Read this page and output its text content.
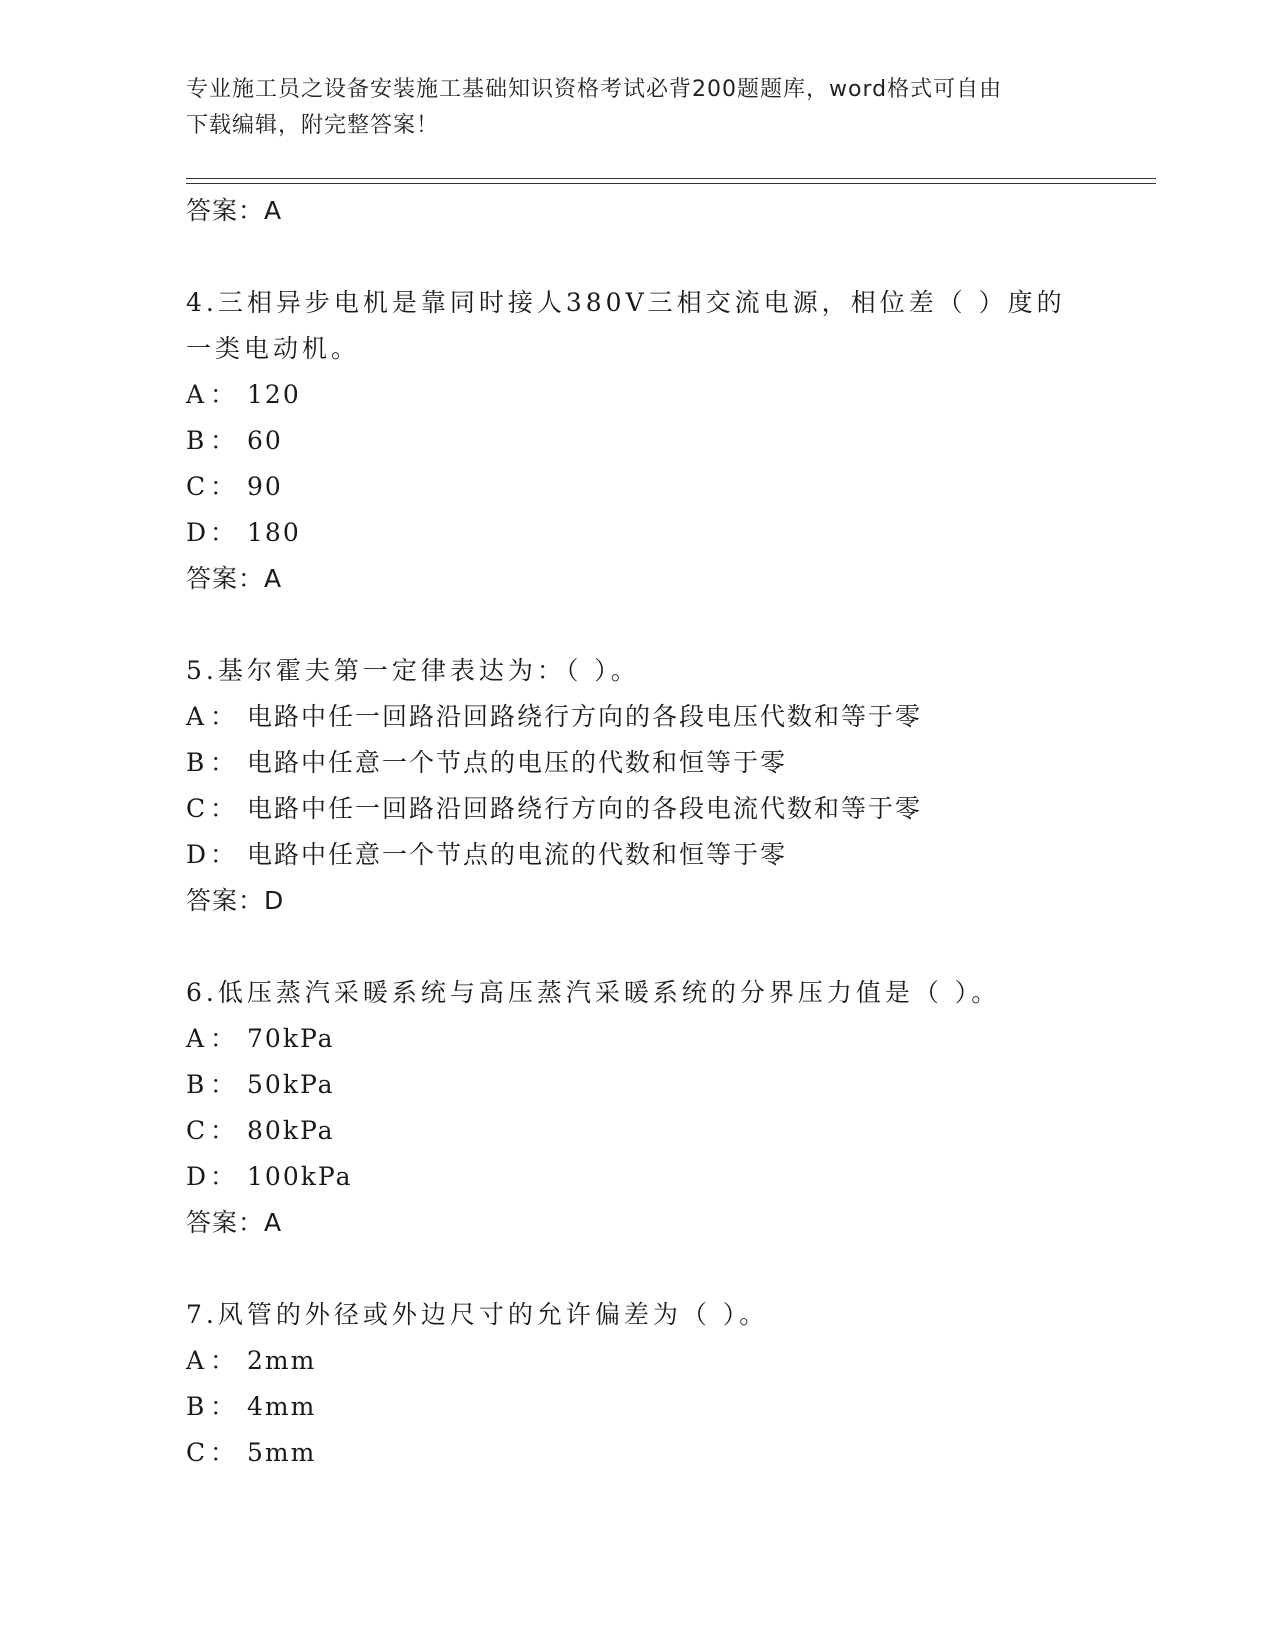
专业施工员之设备安装施工基础知识资格考试必背200题题库，word格式可自由
下载编辑，附完整答案！
答案：A
4.三相异步电机是靠同时接人380V三相交流电源，相位差（ ）度的一类电动机。
A ： 120
B ： 60
C ： 90
D： 180
答案：A
5.基尔霍夫第一定律表达为：（ ）。
A ： 电路中任一回路沿回路绕行方向的各段电压代数和等于零
B ： 电路中任意一个节点的电压的代数和恒等于零
C ： 电路中任一回路沿回路绕行方向的各段电流代数和等于零
D： 电路中任意一个节点的电流的代数和恒等于零
答案：D
6.低压蒸汽采暖系统与高压蒸汽采暖系统的分界压力值是（ ）。
A ： 70kPa
B ： 50kPa
C ： 80kPa
D： 100kPa
答案：A
7.风管的外径或外边尺寸的允许偏差为（ ）。
A ： 2mm
B ： 4mm
C ： 5mm
